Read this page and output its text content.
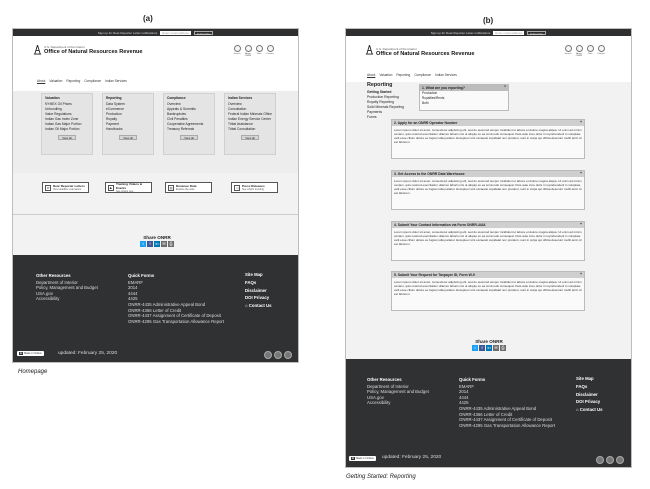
(a)	(b)
Sign up for Dear Reporter Letter notifications	Enter email address	Subscribe
U.S. Department of the Interior
Office of Natural Resources Revenue	Search	About ONRR
Data	Contact
About Valuation Reporting Compliance Indian Services
Valuation
NYMEX Oil Prices
Unbundling
Value Regulations
Indian Gas Index Zone
Indian Gas Major Portion
Indian Oil Major Portion
View all
Reporting
Data System
eCommerce
Production
Royalty
Payment
Handbooks
View all
Compliance
Overview
Appeals & Summits
Bankruptcies
Civil Penalties
Cooperative Agreements
Treasury Referrals
View all
Indian Services
Overview
Consultation
Federal Indian Minerals Office
Indian Energy Service Center
Tribal Assistance
Tribal Consultation
View all
✉	Dear Reporter Letters
View deadline extensions	▶
Training Videos & Events
See what's new
▥	Revenue Data
Explore the stats	◁	Press Releases
See what's trending
Share ONRR
t	f	in ✉ ⎙
Other Resources
Department of Interior
Policy, Management and Budget
USA.gov
Accessibility
Quick Forms
EMARF
2014
4444
4425
ONRR-4435 Administrative Appeal Bond
ONRR-4366 Letter of Credit
ONRR-4437 Assignment of Certificate of Deposit
ONRR-4295 Gas Transportation Allowance Report
Site Map
FAQs
Disclaimer
DOI Privacy
⌂ Contact Us
in Made in InVision	updated: February 25, 2020
Homepage
Sign up for Dear Reporter Letter notifications	Enter email address	Subscribe
U.S. Department of the Interior
Office of Natural Resources Revenue	Search	About ONRR
Data	Contact
About Valuation Reporting Compliance Indian Services
Reporting
Getting Started
Production Reporting
Royalty Reporting
Solid Minerals Reporting
Payments
Forms
1. What are you reporting?	^
Production
Royalties/Rents
Both
2. Apply for an ONRR Operator Number	+
Lorem ipsum dolor sit amet, consectetur adipiscing elit, sed do eiusmod tempor incididunt ut labore et dolore magna aliqua. Ut enim ad minim veniam, quis nostrud exercitation ullamco laboris nisi ut aliquip ex ea commodo consequat. Duis aute irure dolor in reprehenderit in voluptate velit esse cillum dolore eu fugiat nulla pariatur. Excepteur sint occaecat cupidatat non proident, sunt in culpa qui officia deserunt mollit anim id est laborum.
3. Get Access to the ONRR Data Warehouse	+
Lorem ipsum dolor sit amet, consectetur adipiscing elit, sed do eiusmod tempor incididunt ut labore et dolore magna aliqua. Ut enim ad minim veniam, quis nostrud exercitation ullamco laboris nisi ut aliquip ex ea commodo consequat. Duis aute irure dolor in reprehenderit in voluptate velit esse cillum dolore eu fugiat nulla pariatur. Excepteur sint occaecat cupidatat non proident, sunt in culpa qui officia deserunt mollit anim id est laborum.
4. Submit Your Contact Information via Form ONRR-4444	+
Lorem ipsum dolor sit amet, consectetur adipiscing elit, sed do eiusmod tempor incididunt ut labore et dolore magna aliqua. Ut enim ad minim veniam, quis nostrud exercitation ullamco laboris nisi ut aliquip ex ea commodo consequat. Duis aute irure dolor in reprehenderit in voluptate velit esse cillum dolore eu fugiat nulla pariatur. Excepteur sint occaecat cupidatat non proident, sunt in culpa qui officia deserunt mollit anim id est laborum.
5. Submit Your Request for Taxpayer ID, Form W-9	+
Lorem ipsum dolor sit amet, consectetur adipiscing elit, sed do eiusmod tempor incididunt ut labore et dolore magna aliqua. Ut enim ad minim veniam, quis nostrud exercitation ullamco laboris nisi ut aliquip ex ea commodo consequat. Duis aute irure dolor in reprehenderit in voluptate velit esse cillum dolore eu fugiat nulla pariatur. Excepteur sint occaecat cupidatat non proident, sunt in culpa qui officia deserunt mollit anim id est laborum.
Share ONRR
t	f	in ✉ ⎙
Other Resources
Department of Interior
Policy, Management and Budget
USA.gov
Accessibility
Quick Forms
EMARF
2014
4444
4425
ONRR-4435 Administrative Appeal Bond
ONRR-4366 Letter of Credit
ONRR-4437 Assignment of Certificate of Deposit
ONRR-4295 Gas Transportation Allowance Report
Site Map
FAQs
Disclaimer
DOI Privacy
⌂ Contact Us
in Made in InVision	updated: February 25, 2020
Getting Started: Reporting
